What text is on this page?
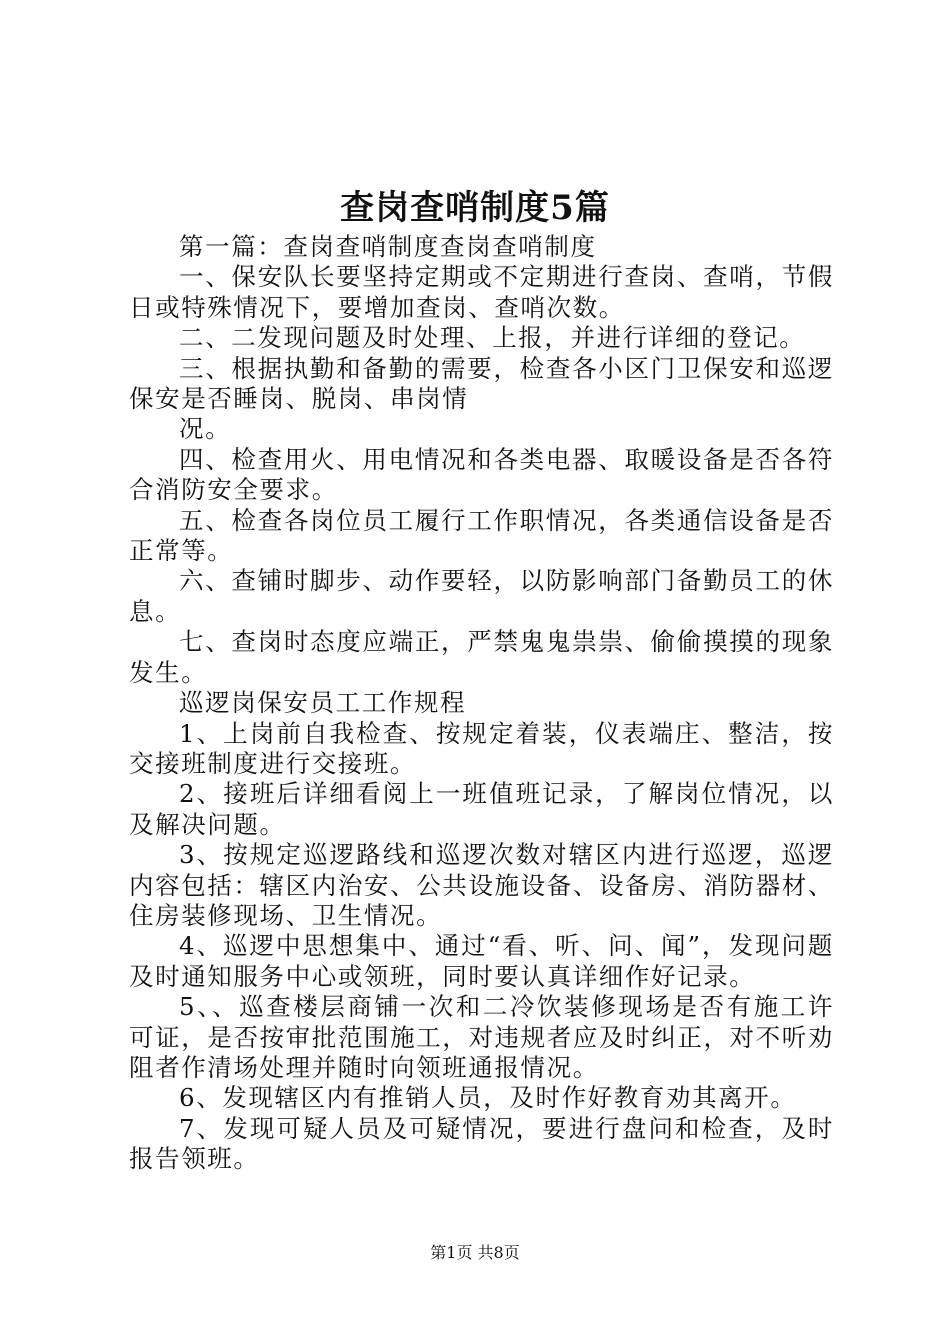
查岗查哨制度5篇

第一篇：查岗查哨制度查岗查哨制度

一、保安队长要坚持定期或不定期进行查岗、查哨，节假日或特殊情况下，要增加查岗、查哨次数。

二、二发现问题及时处理、上报，并进行详细的登记。

三、根据执勤和备勤的需要，检查各小区门卫保安和巡逻保安是否睡岗、脱岗、串岗情

况。

四、检查用火、用电情况和各类电器、取暖设备是否各符合消防安全要求。

五、检查各岗位员工履行工作职情况，各类通信设备是否正常等。

六、查铺时脚步、动作要轻，以防影响部门备勤员工的休息。

七、查岗时态度应端正，严禁鬼鬼祟祟、偷偷摸摸的现象发生。

巡逻岗保安员工工作规程

1、上岗前自我检查、按规定着装，仪表端庄、整洁，按交接班制度进行交接班。

2、接班后详细看阅上一班值班记录，了解岗位情况，以及解决问题。

3、按规定巡逻路线和巡逻次数对辖区内进行巡逻，巡逻内容包括：辖区内治安、公共设施设备、设备房、消防器材、住房装修现场、卫生情况。

4、巡逻中思想集中、通过“看、听、问、闻”，发现问题及时通知服务中心或领班，同时要认真详细作好记录。

5、、巡查楼层商铺一次和二冷饮装修现场是否有施工许可证，是否按审批范围施工，对违规者应及时纠正，对不听劝阻者作清场处理并随时向领班通报情况。

6、发现辖区内有推销人员，及时作好教育劝其离开。

7、发现可疑人员及可疑情况，要进行盘问和检查，及时报告领班。

第1页 共8页
